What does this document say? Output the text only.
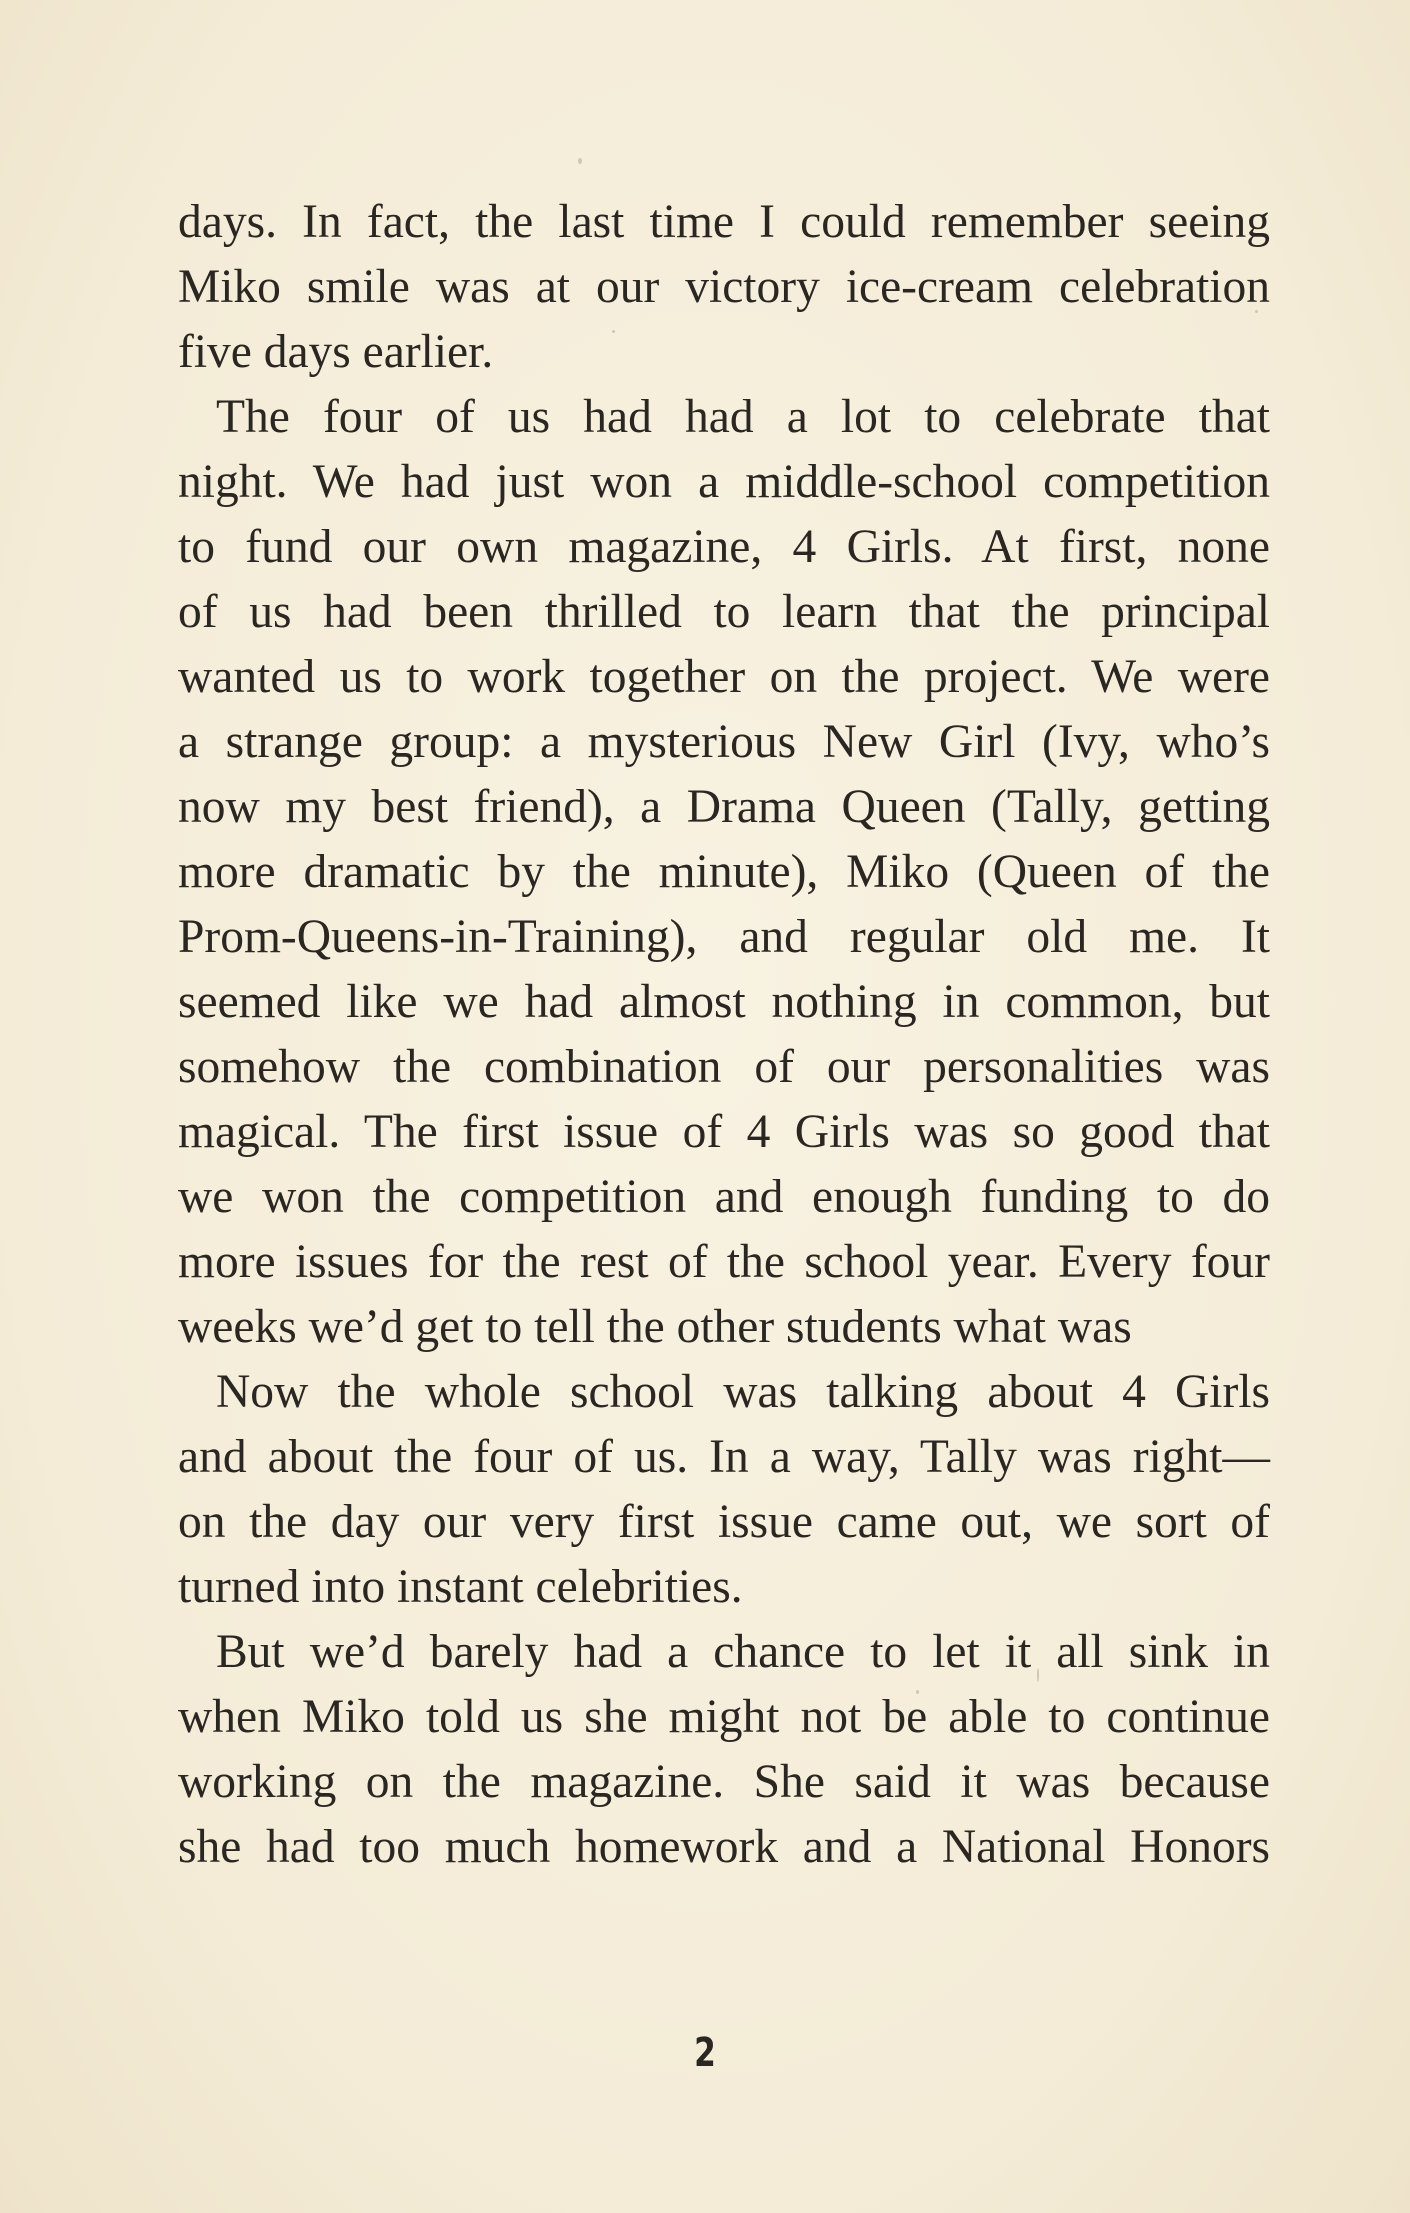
days. In fact, the last time I could remember seeing
Miko smile was at our victory ice-cream celebration
five days earlier.

The four of us had had a lot to celebrate that
night. We had just won a middle-school competition
to fund our own magazine, 4 Girls. At first, none
of us had been thrilled to learn that the principal
wanted us to work together on the project. We were
a strange group: a mysterious New Girl (Ivy, who’s
now my best friend), a Drama Queen (Tally, getting
more dramatic by the minute), Miko (Queen of the
Prom-Queens-in-Training), and regular old me. It
seemed like we had almost nothing in common, but
somehow the combination of our personalities was
magical. The first issue of 4 Girls was so good that
we won the competition and enough funding to do
more issues for the rest of the school year. Every four
weeks we’d get to tell the other students what was

Now the whole school was talking about 4 Girls
and about the four of us. In a way, Tally was right—
on the day our very first issue came out, we sort of
turned into instant celebrities.

But we’d barely had a chance to let it all sink in
when Miko told us she might not be able to continue
working on the magazine. She said it was because
she had too much homework and a National Honors

2
